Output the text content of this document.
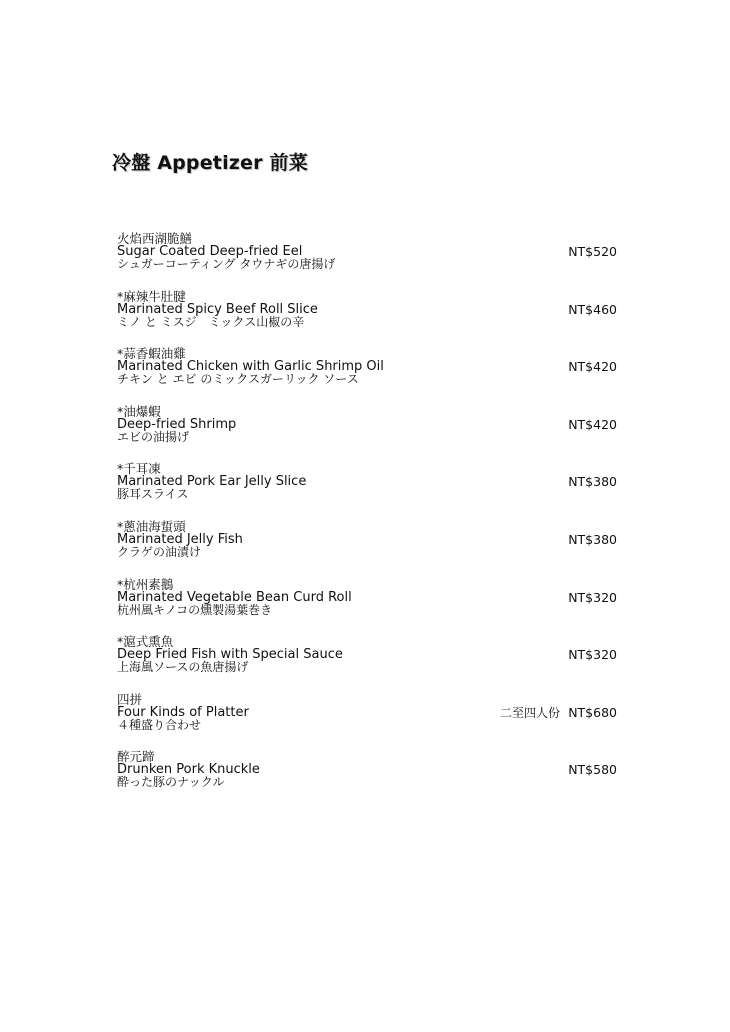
冷盤 Appetizer 前菜
火焰西湖脆鱔
Sugar Coated Deep-fried Eel
シュガーコーティング タウナギの唐揚げ
NT$520
*麻辣牛肚腱
Marinated Spicy Beef Roll Slice
ミノ と ミスジ　ミックス山椒の辛
NT$460
*蒜香蝦油雞
Marinated Chicken with Garlic Shrimp Oil
チキン と エビ のミックスガーリック ソース
NT$420
*油爆蝦
Deep-fried Shrimp
エビの油揚げ
NT$420
*千耳凍
Marinated Pork Ear Jelly Slice
豚耳スライス
NT$380
*蔥油海蜇頭
Marinated Jelly Fish
クラゲの油漬け
NT$380
*杭州素鵝
Marinated Vegetable Bean Curd Roll
杭州風キノコの燻製湯葉巻き
NT$320
*滬式熏魚
Deep Fried Fish with Special Sauce
上海風ソースの魚唐揚げ
NT$320
四拼
Four Kinds of Platter
４種盛り合わせ
二至四人份 NT$680
醉元蹄
Drunken Pork Knuckle
酔った豚のナックル
NT$580
